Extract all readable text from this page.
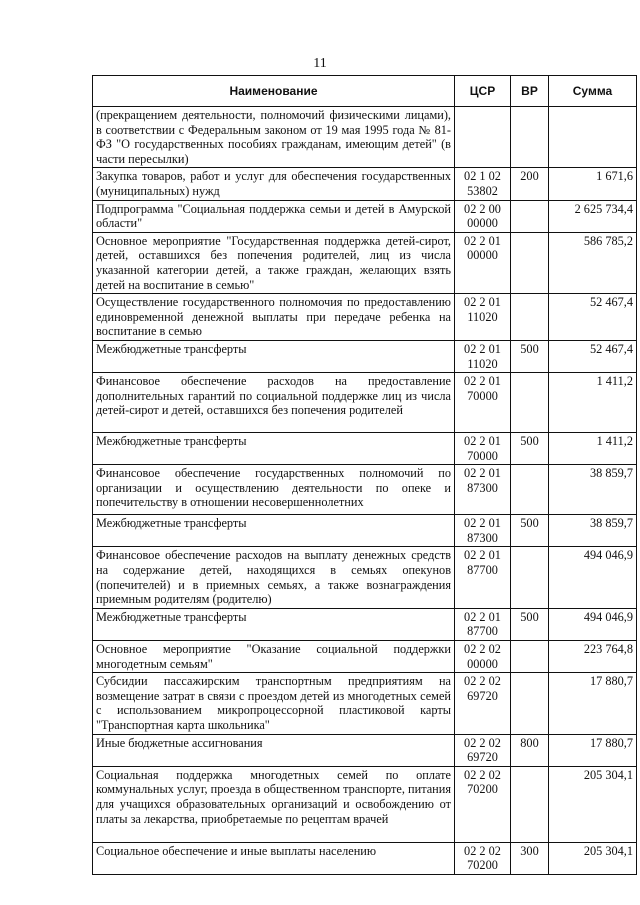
11
Наименование	ЦСР	ВР	Сумма
(прекращением деятельности, полномочий физическими лицами), в соответствии с Федеральным законом от 19 мая 1995 года № 81-ФЗ "О государственных пособиях гражданам, имеющим детей" (в части пересылки)			
Закупка товаров, работ и услуг для обеспечения государственных (муниципальных) нужд	02 1 02 53802	200	1 671,6
Подпрограмма "Социальная поддержка семьи и детей в Амурской области"	02 2 00 00000		2 625 734,4
Основное мероприятие "Государственная поддержка детей-сирот, детей, оставшихся без попечения родителей, лиц из числа указанной категории детей, а также граждан, желающих взять детей на воспитание в семью"	02 2 01 00000		586 785,2
Осуществление государственного полномочия по предоставлению единовременной денежной выплаты при передаче ребенка на воспитание в семью	02 2 01 11020		52 467,4
Межбюджетные трансферты	02 2 01 11020	500	52 467,4
Финансовое обеспечение расходов на предоставление дополнительных гарантий по социальной поддержке лиц из числа детей-сирот и детей, оставшихся без попечения родителей	02 2 01 70000		1 411,2
Межбюджетные трансферты	02 2 01 70000	500	1 411,2
Финансовое обеспечение государственных полномочий по организации и осуществлению деятельности по опеке и попечительству в отношении несовершеннолетних	02 2 01 87300		38 859,7
Межбюджетные трансферты	02 2 01 87300	500	38 859,7
Финансовое обеспечение расходов на выплату денежных средств на содержание детей, находящихся в семьях опекунов (попечителей) и в приемных семьях, а также вознаграждения приемным родителям (родителю)	02 2 01 87700		494 046,9
Межбюджетные трансферты	02 2 01 87700	500	494 046,9
Основное мероприятие "Оказание социальной поддержки многодетным семьям"	02 2 02 00000		223 764,8
Субсидии пассажирским транспортным предприятиям на возмещение затрат в связи с проездом детей из многодетных семей с использованием микропроцессорной пластиковой карты "Транспортная карта школьника"	02 2 02 69720		17 880,7
Иные бюджетные ассигнования	02 2 02 69720	800	17 880,7
Социальная поддержка многодетных семей по оплате коммунальных услуг, проезда в общественном транспорте, питания для учащихся образовательных организаций и освобождению от платы за лекарства, приобретаемые по рецептам врачей	02 2 02 70200		205 304,1
Социальное обеспечение и иные выплаты населению	02 2 02 70200	300	205 304,1
